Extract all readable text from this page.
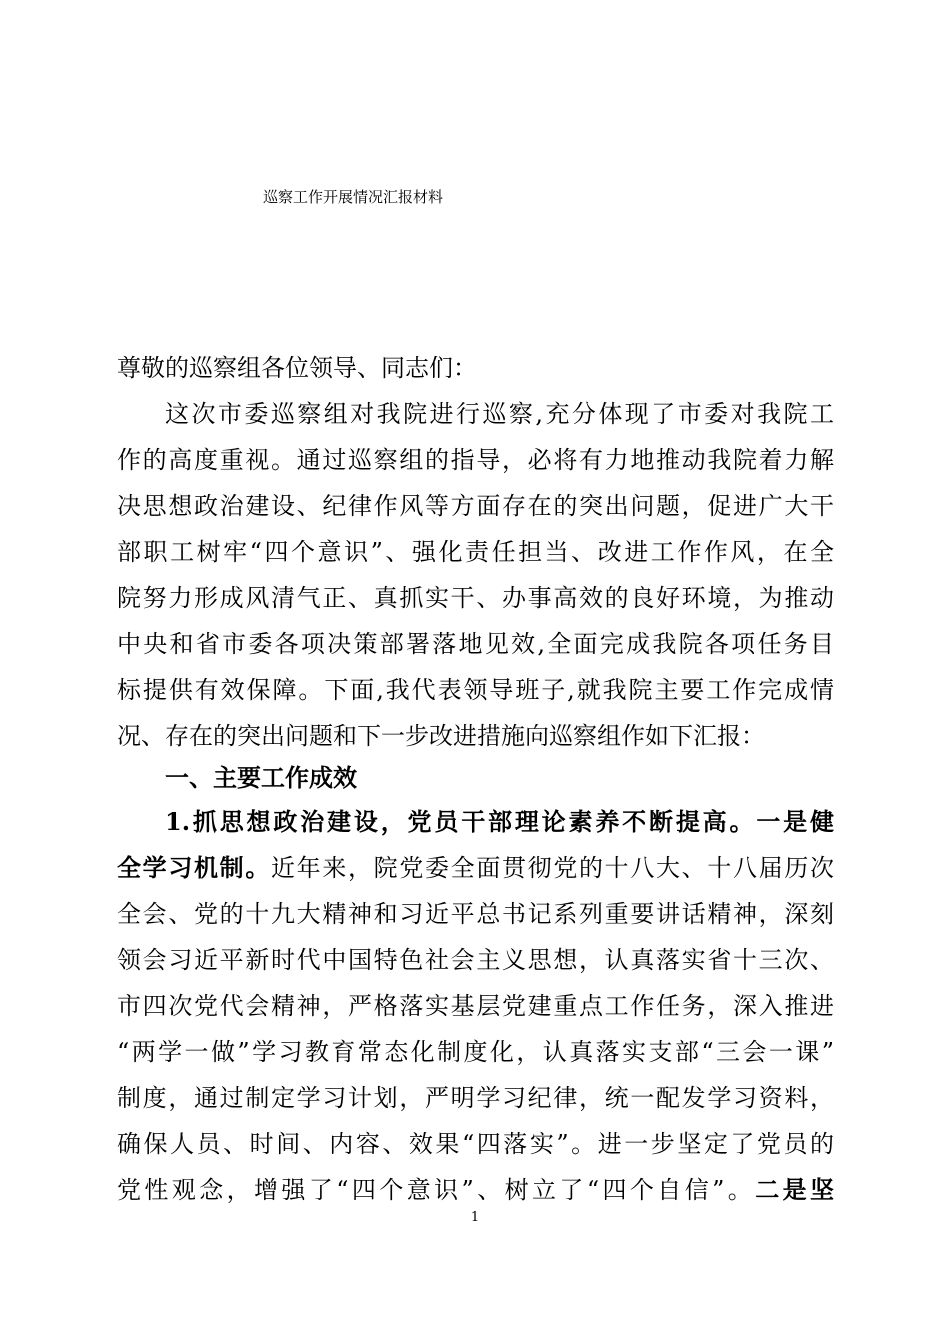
巡察工作开展情况汇报材料
尊敬的巡察组各位领导、同志们：
这次市委巡察组对我院进行巡察,充分体现了市委对我院工
作的高度重视。通过巡察组的指导，必将有力地推动我院着力解
决思想政治建设、纪律作风等方面存在的突出问题，促进广大干
部职工树牢“四个意识”、强化责任担当、改进工作作风，在全
院努力形成风清气正、真抓实干、办事高效的良好环境，为推动
中央和省市委各项决策部署落地见效,全面完成我院各项任务目
标提供有效保障。下面,我代表领导班子,就我院主要工作完成情
况、存在的突出问题和下一步改进措施向巡察组作如下汇报：
一、主要工作成效
1.抓思想政治建设，党员干部理论素养不断提高。一是健
全学习机制。近年来，院党委全面贯彻党的十八大、十八届历次
全会、党的十九大精神和习近平总书记系列重要讲话精神，深刻
领会习近平新时代中国特色社会主义思想，认真落实省十三次、
市四次党代会精神，严格落实基层党建重点工作任务，深入推进
“两学一做”学习教育常态化制度化，认真落实支部“三会一课”
制度，通过制定学习计划，严明学习纪律，统一配发学习资料，
确保人员、时间、内容、效果“四落实”。进一步坚定了党员的
党性观念，增强了“四个意识”、树立了“四个自信”。二是坚
1
